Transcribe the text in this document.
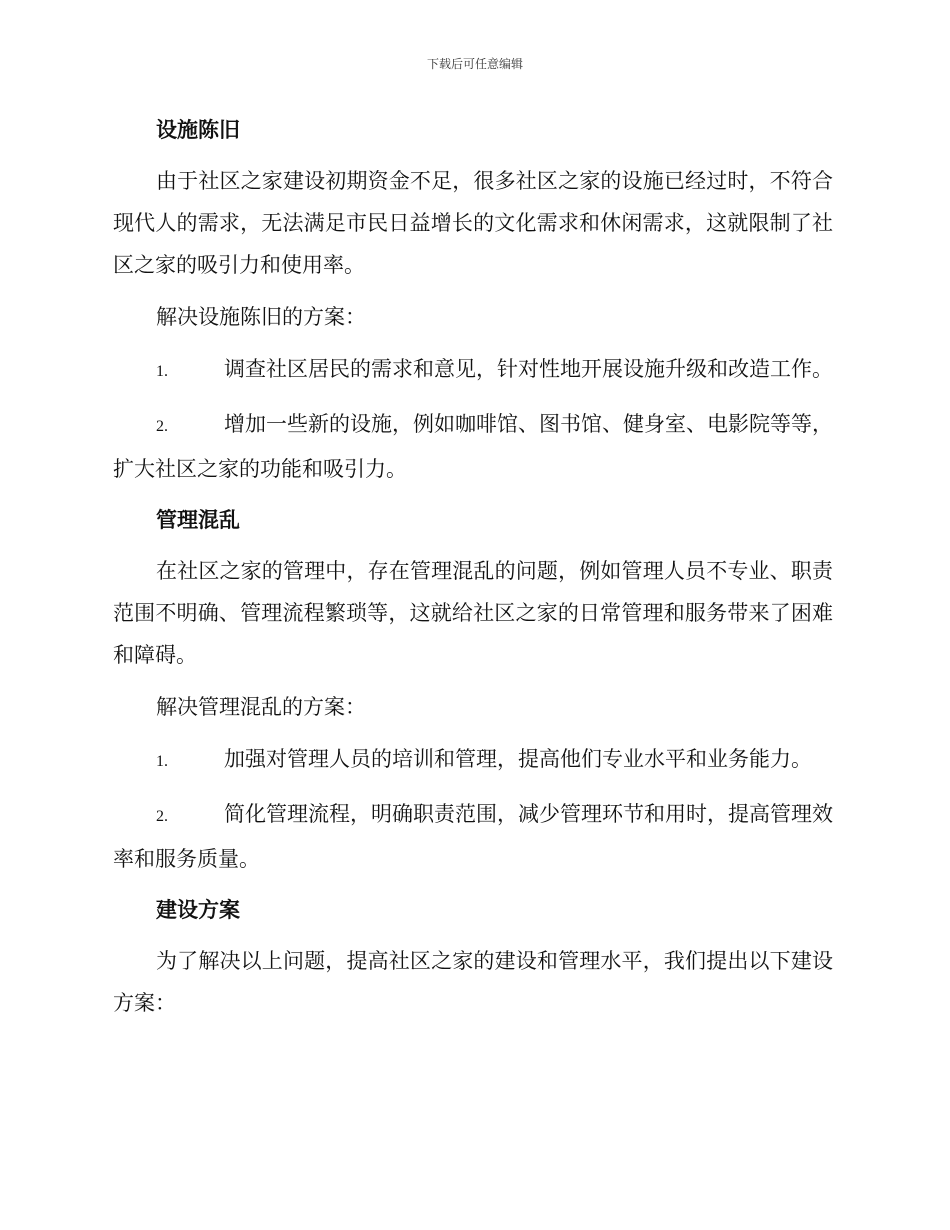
下载后可任意编辑
设施陈旧

由于社区之家建设初期资金不足，很多社区之家的设施已经过时，不符合现代人的需求，无法满足市民日益增长的文化需求和休闲需求，这就限制了社区之家的吸引力和使用率。

解决设施陈旧的方案：

1.	调查社区居民的需求和意见，针对性地开展设施升级和改造工作。

2.	增加一些新的设施，例如咖啡馆、图书馆、健身室、电影院等等，扩大社区之家的功能和吸引力。

管理混乱

在社区之家的管理中，存在管理混乱的问题，例如管理人员不专业、职责范围不明确、管理流程繁琐等，这就给社区之家的日常管理和服务带来了困难和障碍。

解决管理混乱的方案：

1.	加强对管理人员的培训和管理，提高他们专业水平和业务能力。

2.	简化管理流程，明确职责范围，减少管理环节和用时，提高管理效率和服务质量。

建设方案

为了解决以上问题，提高社区之家的建设和管理水平，我们提出以下建设方案：
